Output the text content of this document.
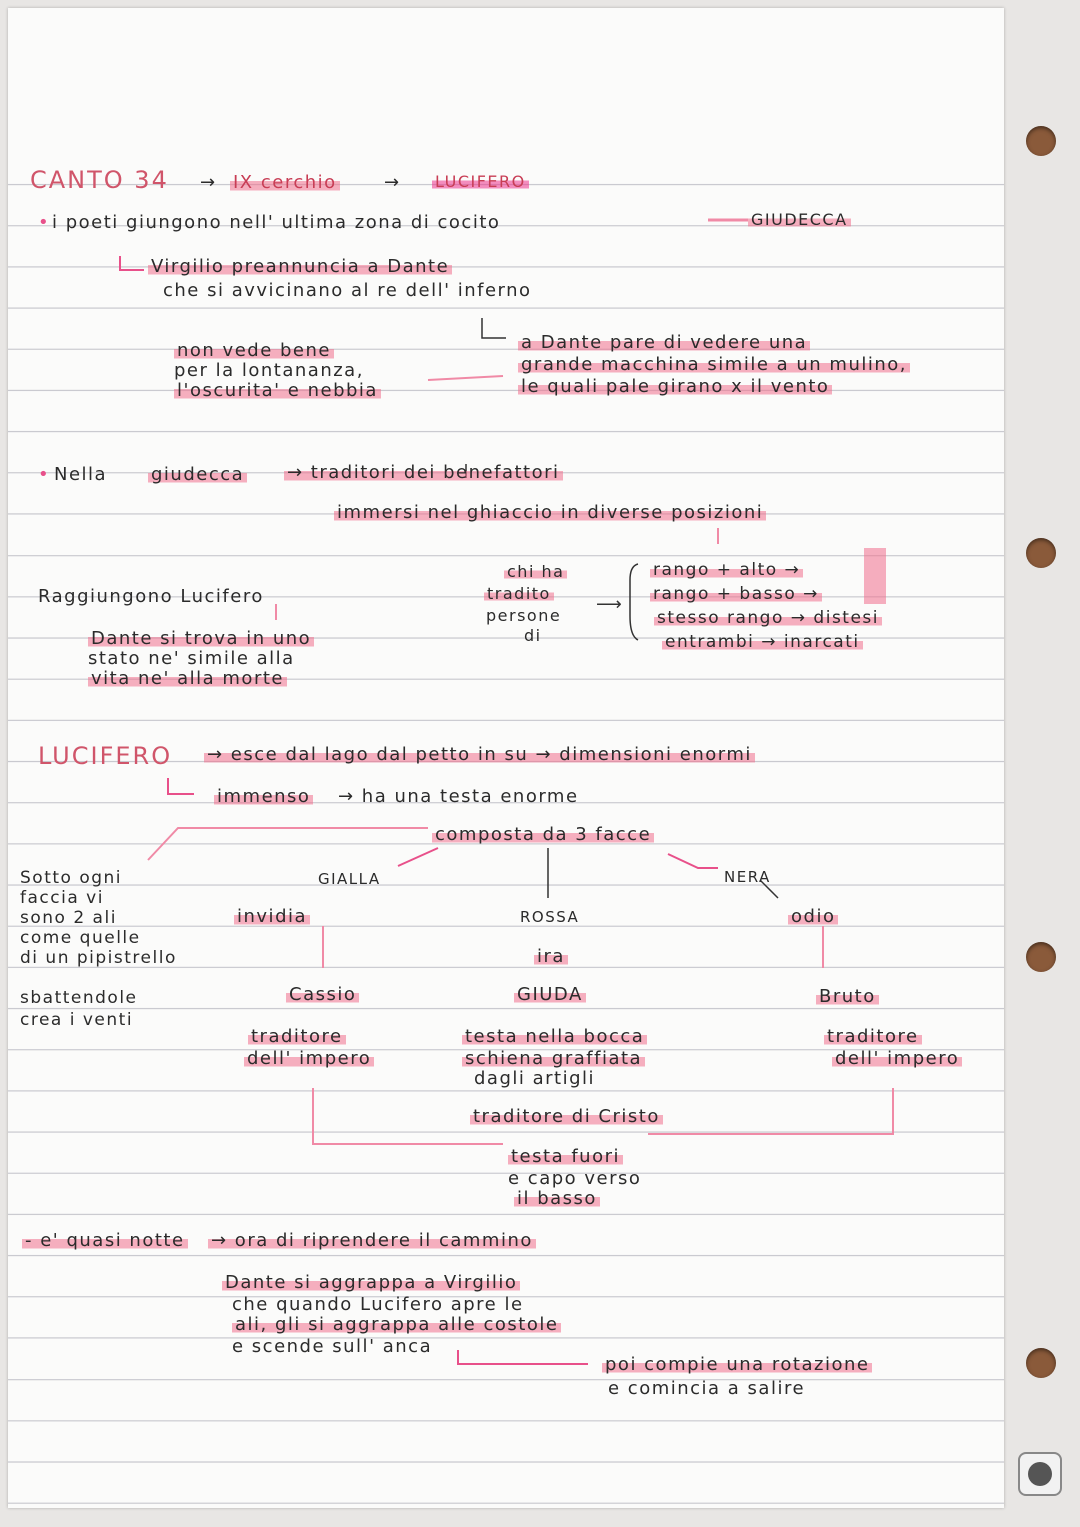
CANTO 34 → IX cerchio	→ LUCIFERO
• i poeti giungono nell' ultima zona di cocito	GIUDECCA
Virgilio preannuncia a Dante
che si avvicinano al re dell' inferno
a Dante pare di vedere una
grande macchina simile a un mulino,
le quali pale girano x il vento
non vede bene
per la lontananza,
l'oscurita' e nebbia
• Nella giudecca → traditori dei benefattori
immersi nel ghiaccio in diverse posizioni
Raggiungono Lucifero
Dante si trova in uno
stato ne' simile alla
vita ne' alla morte
chi ha
tradito
persone
di
⟶
rango + alto →
rango + basso →
stesso rango → distesi
entrambi → inarcati
LUCIFERO → esce dal lago dal petto in su → dimensioni enormi
immenso → ha una testa enorme
composta da 3 facce
Sotto ogni
faccia vi
sono 2 ali
come quelle
di un pipistrello
sbattendole
crea i venti
GIALLA
invidia
Cassio
traditore
dell' impero
ROSSA
ira
GIUDA
testa nella bocca
schiena graffiata
dagli artigli
traditore di Cristo
NERA
odio
Bruto
traditore
dell' impero
testa fuori
e capo verso
il basso
- e' quasi notte → ora di riprendere il cammino
Dante si aggrappa a Virgilio
che quando Lucifero apre le
ali, gli si aggrappa alle costole
e scende sull' anca
poi compie una rotazione
e comincia a salire
